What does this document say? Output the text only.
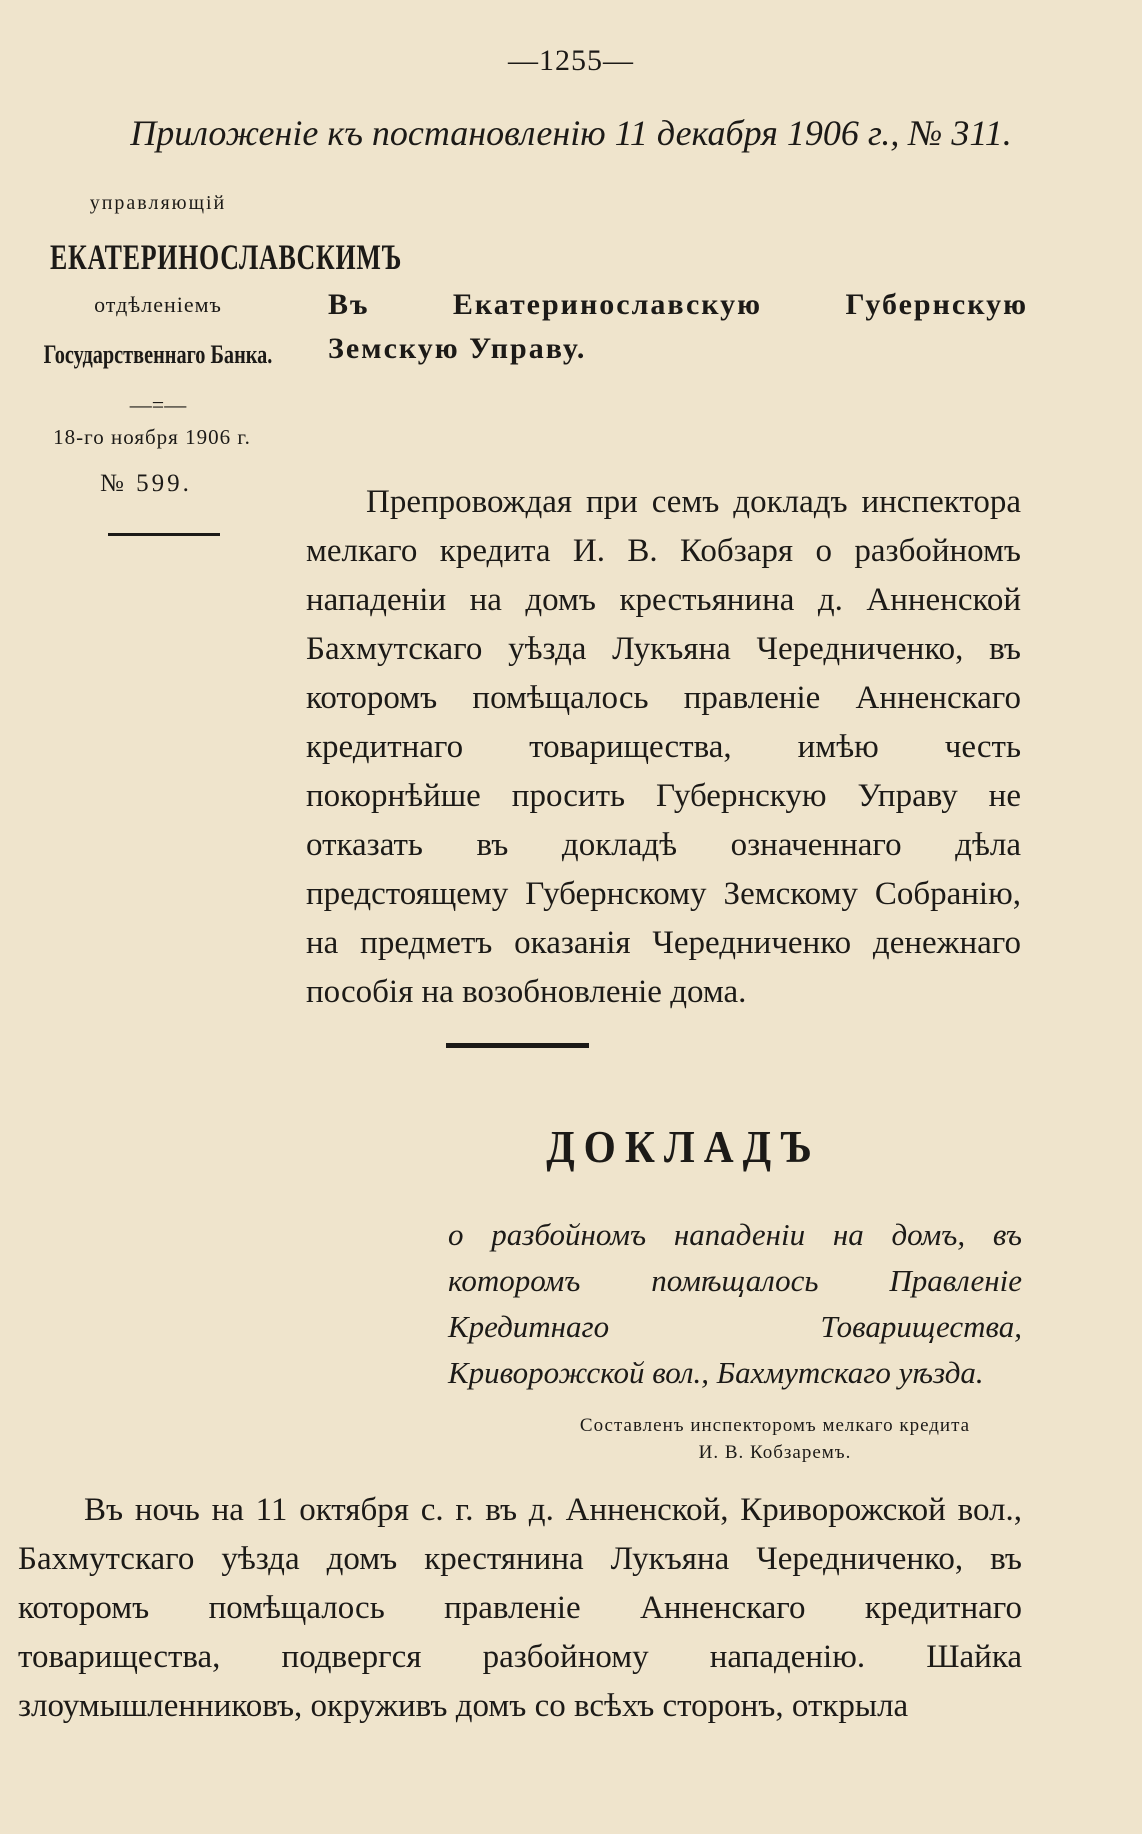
—1255—
Приложеніе къ постановленію 11 декабря 1906 г., № 311.
управляющій
ЕКАТЕРИНОСЛАВСКИМЪ
отдѣленіемъ
Государственнаго Банка.
—=—
18-го ноября 1906 г.
№ 599.
Въ Екатеринославскую Губернскую
Земскую Управу.

Препровождая при семъ докладъ инспектора мелкаго кредита И. В. Кобзаря о разбойномъ нападеніи на домъ крестьянина д. Анненской Бахмутскаго уѣзда Лукъяна Чередниченко, въ которомъ помѣщалось правленіе Анненскаго кредитнаго товарищества, имѣю честь покорнѣйше просить Губернскую Управу не отказать въ докладѣ означеннаго дѣла предстоящему Губернскому Земскому Собранію, на предметъ оказанія Чередниченко денежнаго пособія на возобновленіе дома.

ДОКЛАДЪ

о разбойномъ нападеніи на домъ, въ которомъ помѣщалось Правленіе Кредитнаго Товарищества, Криворожской вол., Бахмутскаго уѣзда.

Составленъ инспекторомъ мелкаго кредита
И. В. Кобзаремъ.

Въ ночь на 11 октября с. г. въ д. Анненской, Криворожской вол., Бахмутскаго уѣзда домъ крестянина Лукъяна Чередниченко, въ которомъ помѣщалось правленіе Анненскаго кредитнаго товарищества, подвергся разбойному нападенію. Шайка злоумышленниковъ, окруживъ домъ со всѣхъ сторонъ, открыла
